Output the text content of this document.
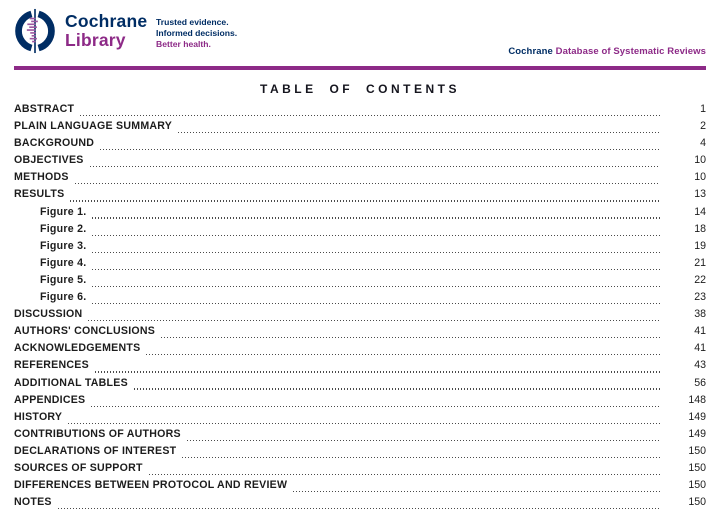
Cochrane
Library
Trusted evidence.
Informed decisions.
Better health.
Cochrane Database of Systematic Reviews
TABLE OF CONTENTS
ABSTRACT	1
PLAIN LANGUAGE SUMMARY	2
BACKGROUND	4
OBJECTIVES	10
METHODS	10
RESULTS	13
Figure 1.	14
Figure 2.	18
Figure 3.	19
Figure 4.	21
Figure 5.	22
Figure 6.	23
DISCUSSION	38
AUTHORS' CONCLUSIONS	41
ACKNOWLEDGEMENTS	41
REFERENCES	43
ADDITIONAL TABLES	56
APPENDICES	148
HISTORY	149
CONTRIBUTIONS OF AUTHORS	149
DECLARATIONS OF INTEREST	150
SOURCES OF SUPPORT	150
DIFFERENCES BETWEEN PROTOCOL AND REVIEW	150
NOTES	150
